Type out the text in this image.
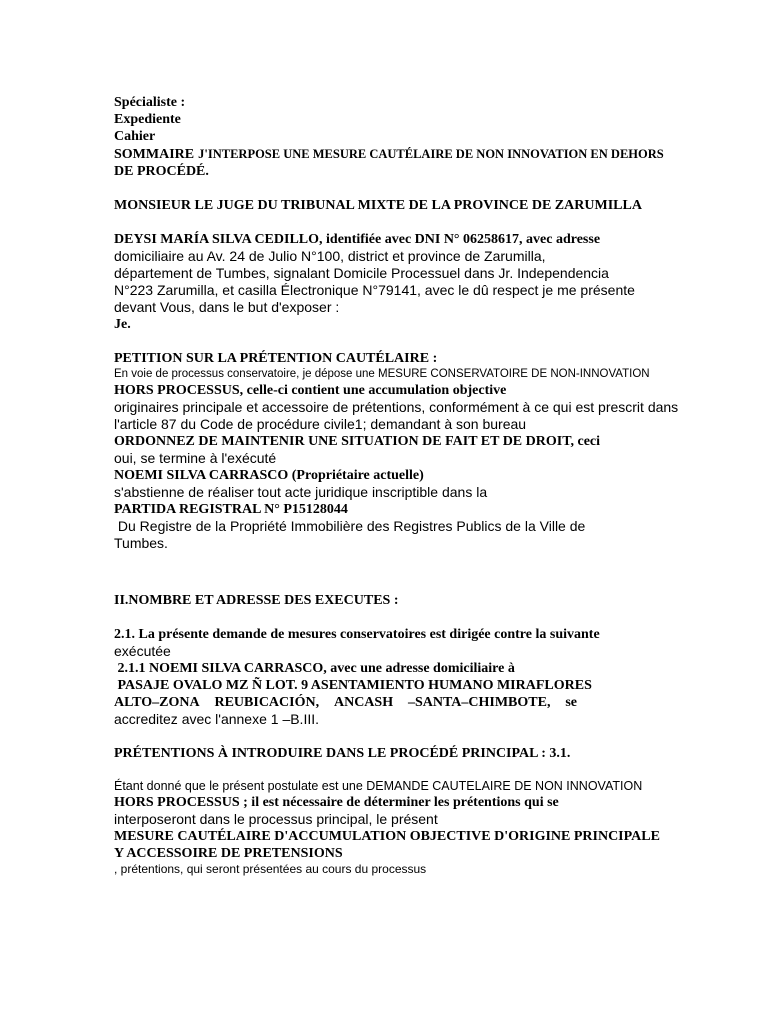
Spécialiste :

Expediente

Cahier

SOMMAIRE J'INTERPOSE UNE MESURE CAUTÉLAIRE DE NON INNOVATION EN DEHORS

DE PROCÉDÉ.

MONSIEUR LE JUGE DU TRIBUNAL MIXTE DE LA PROVINCE DE ZARUMILLA

DEYSI MARÍA SILVA CEDILLO, identifiée avec DNI N° 06258617, avec adresse

domiciliaire au Av. 24 de Julio N°100, district et province de Zarumilla,

département de Tumbes, signalant Domicile Processuel dans Jr. Independencia

N°223 Zarumilla, et casilla Électronique N°79141, avec le dû respect je me présente

devant Vous, dans le but d'exposer :

Je.

PETITION SUR LA PRÉTENTION CAUTÉLAIRE :

En voie de processus conservatoire, je dépose une MESURE CONSERVATOIRE DE NON-INNOVATION

HORS PROCESSUS, celle-ci contient une accumulation objective

originaires principale et accessoire de prétentions, conformément à ce qui est prescrit dans

l'article 87 du Code de procédure civile1; demandant à son bureau

ORDONNEZ DE MAINTENIR UNE SITUATION DE FAIT ET DE DROIT, ceci

oui, se termine à l'exécuté

NOEMI SILVA CARRASCO (Propriétaire actuelle)

s'abstienne de réaliser tout acte juridique inscriptible dans la

PARTIDA REGISTRAL N° P15128044

Du Registre de la Propriété Immobilière des Registres Publics de la Ville de

Tumbes.

II.NOMBRE ET ADRESSE DES EXECUTES :

2.1. La présente demande de mesures conservatoires est dirigée contre la suivante

exécutée

2.1.1 NOEMI SILVA CARRASCO, avec une adresse domiciliaire à

PASAJE OVALO MZ Ñ LOT. 9 ASENTAMIENTO HUMANO MIRAFLORES

ALTO–ZONA REUBICACIÓN, ANCASH –SANTA–CHIMBOTE, se

accreditez avec l'annexe 1 –B.III.

PRÉTENTIONS À INTRODUIRE DANS LE PROCÉDÉ PRINCIPAL : 3.1.

Étant donné que le présent postulate est une DEMANDE CAUTELAIRE DE NON INNOVATION

HORS PROCESSUS ; il est nécessaire de déterminer les prétentions qui se

interposeront dans le processus principal, le présent

MESURE CAUTÉLAIRE D'ACCUMULATION OBJECTIVE D'ORIGINE PRINCIPALE

Y ACCESSOIRE DE PRETENSIONS

, prétentions, qui seront présentées au cours du processus
